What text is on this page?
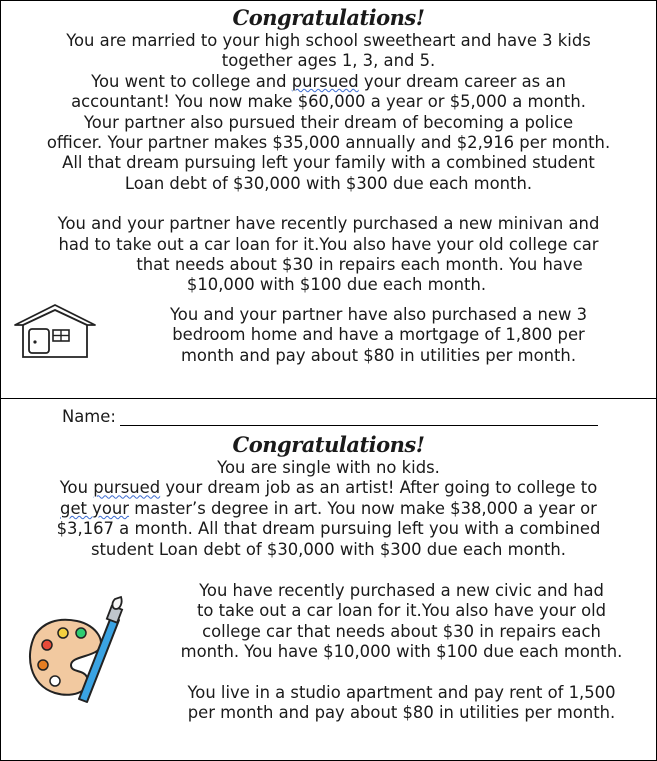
Congratulations!

You are married to your high school sweetheart and have 3 kids

together ages 1, 3, and 5.

You went to college and pursued your dream career as an

accountant! You now make $60,000 a year or $5,000 a month.

Your partner also pursued their dream of becoming a police

officer. Your partner makes $35,000 annually and $2,916 per month.

All that dream pursuing left your family with a combined student

Loan debt of $30,000 with $300 due each month.

You and your partner have recently purchased a new minivan and

had to take out a car loan for it.You also have your old college car

that needs about $30 in repairs each month. You have

$10,000 with $100 due each month.

You and your partner have also purchased a new 3

bedroom home and have a mortgage of 1,800 per

month and pay about $80 in utilities per month.

Name:
Congratulations!

You are single with no kids.

You pursued your dream job as an artist! After going to college to

get your master’s degree in art. You now make $38,000 a year or

$3,167 a month. All that dream pursuing left you with a combined

student Loan debt of $30,000 with $300 due each month.

You have recently purchased a new civic and had

to take out a car loan for it.You also have your old

college car that needs about $30 in repairs each

month. You have $10,000 with $100 due each month.

You live in a studio apartment and pay rent of 1,500

per month and pay about $80 in utilities per month.
